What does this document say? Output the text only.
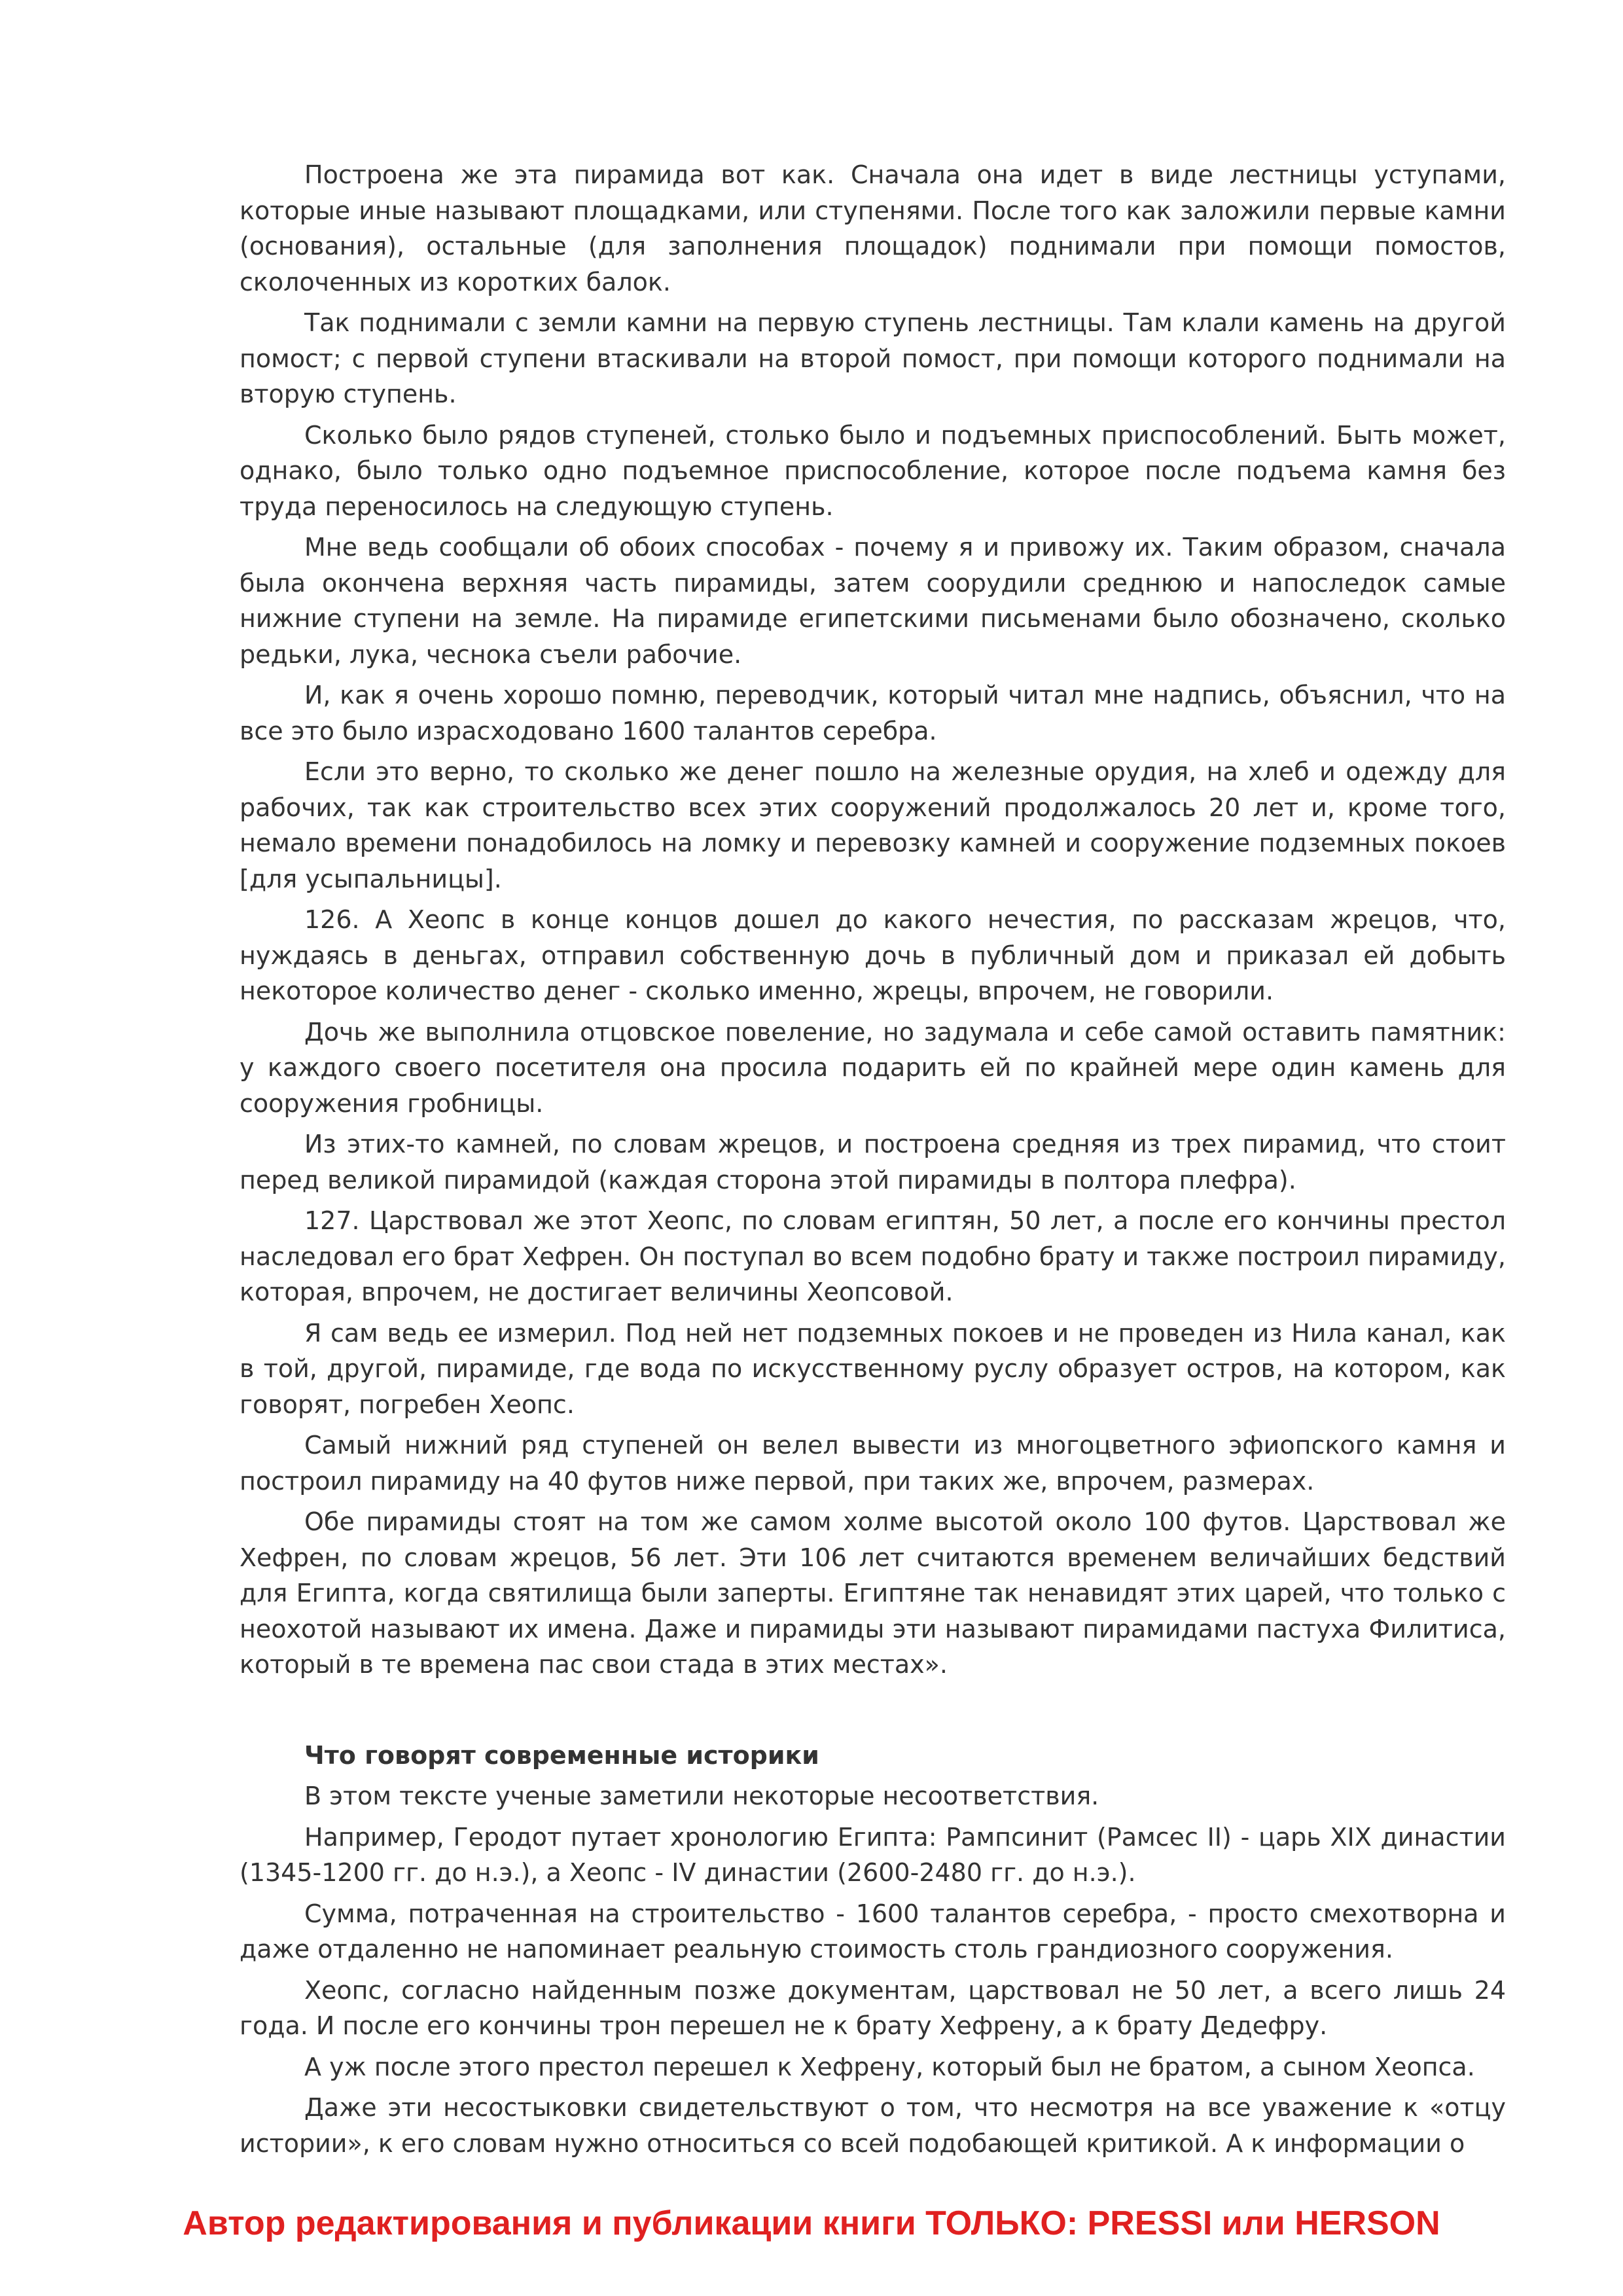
Построена же эта пирамида вот как. Сначала она идет в виде лестницы уступами, которые иные называют площадками, или ступенями. После того как заложили первые камни (основания), остальные (для заполнения площадок) поднимали при помощи помостов, сколоченных из коротких балок.

Так поднимали с земли камни на первую ступень лестницы. Там клали камень на другой помост; с первой ступени втаскивали на второй помост, при помощи которого поднимали на вторую ступень.

Сколько было рядов ступеней, столько было и подъемных приспособлений. Быть может, однако, было только одно подъемное приспособление, которое после подъема камня без труда переносилось на следующую ступень.

Мне ведь сообщали об обоих способах - почему я и привожу их. Таким образом, сначала была окончена верхняя часть пирамиды, затем соорудили среднюю и напоследок самые нижние ступени на земле. На пирамиде египетскими письменами было обозначено, сколько редьки, лука, чеснока съели рабочие.

И, как я очень хорошо помню, переводчик, который читал мне надпись, объяснил, что на все это было израсходовано 1600 талантов серебра.

Если это верно, то сколько же денег пошло на железные орудия, на хлеб и одежду для рабочих, так как строительство всех этих сооружений продолжалось 20 лет и, кроме того, немало времени понадобилось на ломку и перевозку камней и сооружение подземных покоев [для усыпальницы].

126. А Хеопс в конце концов дошел до какого нечестия, по рассказам жрецов, что, нуждаясь в деньгах, отправил собственную дочь в публичный дом и приказал ей добыть некоторое количество денег - сколько именно, жрецы, впрочем, не говорили.

Дочь же выполнила отцовское повеление, но задумала и себе самой оставить памятник: у каждого своего посетителя она просила подарить ей по крайней мере один камень для сооружения гробницы.

Из этих-то камней, по словам жрецов, и построена средняя из трех пирамид, что стоит перед великой пирамидой (каждая сторона этой пирамиды в полтора плефра).

127. Царствовал же этот Хеопс, по словам египтян, 50 лет, а после его кончины престол наследовал его брат Хефрен. Он поступал во всем подобно брату и также построил пирамиду, которая, впрочем, не достигает величины Хеопсовой.

Я сам ведь ее измерил. Под ней нет подземных покоев и не проведен из Нила канал, как в той, другой, пирамиде, где вода по искусственному руслу образует остров, на котором, как говорят, погребен Хеопс.

Самый нижний ряд ступеней он велел вывести из многоцветного эфиопского камня и построил пирамиду на 40 футов ниже первой, при таких же, впрочем, размерах.

Обе пирамиды стоят на том же самом холме высотой около 100 футов. Царствовал же Хефрен, по словам жрецов, 56 лет. Эти 106 лет считаются временем величайших бедствий для Египта, когда святилища были заперты. Египтяне так ненавидят этих царей, что только с неохотой называют их имена. Даже и пирамиды эти называют пирамидами пастуха Филитиса, который в те времена пас свои стада в этих местах».

Что говорят современные историки

В этом тексте ученые заметили некоторые несоответствия.

Например, Геродот путает хронологию Египта: Рампсинит (Рамсес II) - царь XIX династии (1345-1200 гг. до н.э.), а Хеопс - IV династии (2600-2480 гг. до н.э.).

Сумма, потраченная на строительство - 1600 талантов серебра, - просто смехотворна и даже отдаленно не напоминает реальную стоимость столь грандиозного сооружения.

Хеопс, согласно найденным позже документам, царствовал не 50 лет, а всего лишь 24 года. И после его кончины трон перешел не к брату Хефрену, а к брату Дедефру.

А уж после этого престол перешел к Хефрену, который был не братом, а сыном Хеопса.

Даже эти несостыковки свидетельствуют о том, что несмотря на все уважение к «отцу истории», к его словам нужно относиться со всей подобающей критикой. А к информации о

Автор редактирования и публикации книги ТОЛЬКО: PRESSI или HERSON
